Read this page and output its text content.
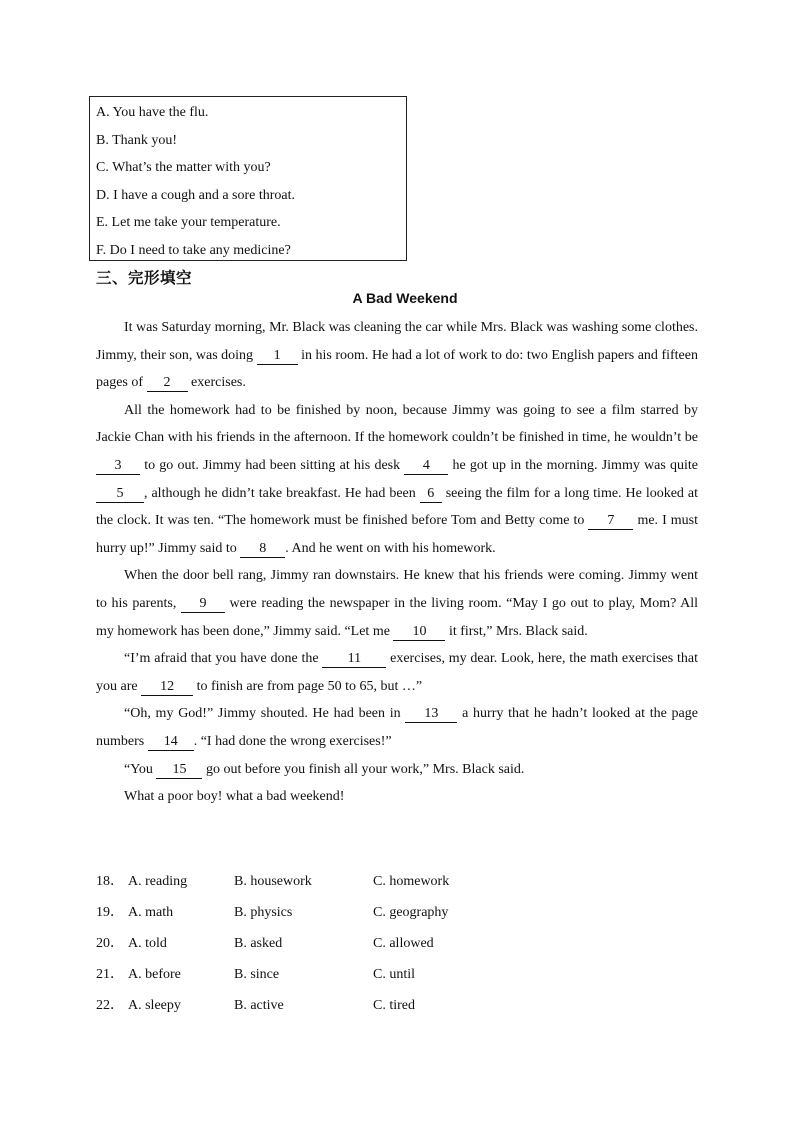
A. You have the flu.
B. Thank you!
C. What’s the matter with you?
D. I have a cough and a sore throat.
E. Let me take your temperature.
F. Do I need to take any medicine?
三、完形填空
A Bad Weekend

It was Saturday morning, Mr. Black was cleaning the car while Mrs. Black was washing some clothes. Jimmy, their son, was doing 1 in his room. He had a lot of work to do: two English papers and fifteen pages of 2 exercises.

All the homework had to be finished by noon, because Jimmy was going to see a film starred by Jackie Chan with his friends in the afternoon. If the homework couldn’t be finished in time, he wouldn’t be 3 to go out. Jimmy had been sitting at his desk 4 he got up in the morning. Jimmy was quite 5 , although he didn’t take breakfast. He had been 6 seeing the film for a long time. He looked at the clock. It was ten. “The homework must be finished before Tom and Betty come to 7 me. I must hurry up!” Jimmy said to 8 . And he went on with his homework.

When the door bell rang, Jimmy ran downstairs. He knew that his friends were coming. Jimmy went to his parents, 9 were reading the newspaper in the living room. “May I go out to play, Mom? All my homework has been done,” Jimmy said. “Let me 10 it first,” Mrs. Black said.

“I’m afraid that you have done the 11 exercises, my dear. Look, here, the math exercises that you are 12 to finish are from page 50 to 65, but …”

“Oh, my God!” Jimmy shouted. He had been in 13 a hurry that he hadn’t looked at the page numbers 14 . “I had done the wrong exercises!”

“You 15 go out before you finish all your work,” Mrs. Black said.

What a poor boy! what a bad weekend!

18． A. reading	B. housework	C. homework
19． A. math	B. physics	C. geography
20． A. told	B. asked	C. allowed
21． A. before	B. since	C. until
22． A. sleepy	B. active	C. tired
